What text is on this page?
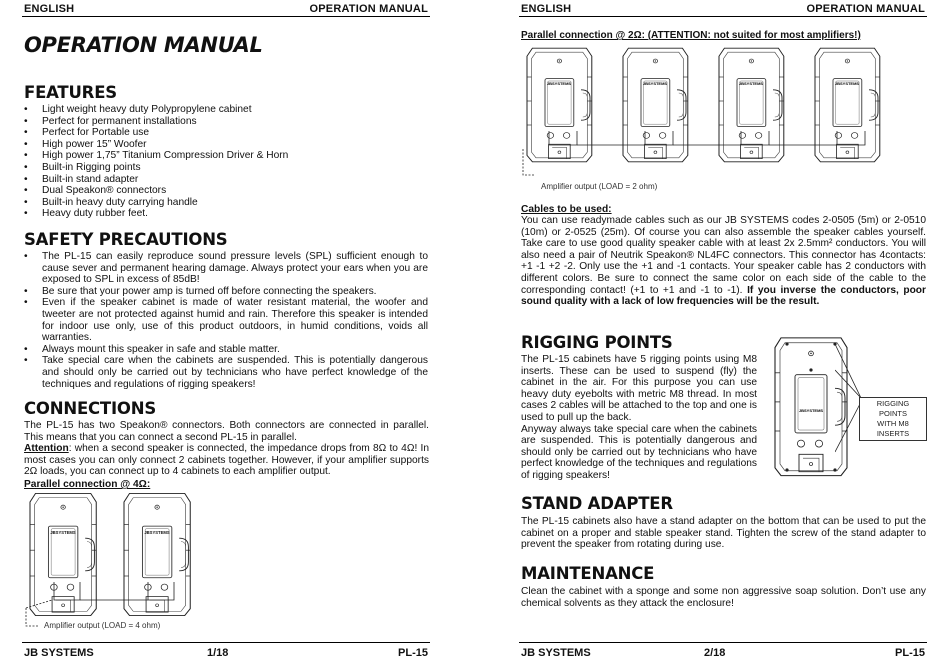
ENGLISH	OPERATION MANUAL
OPERATION MANUAL
FEATURES
• Light weight heavy duty Polypropylene cabinet
• Perfect for permanent installations
• Perfect for Portable use
• High power 15” Woofer
• High power 1,75” Titanium Compression Driver & Horn
• Built-in Rigging points
• Built-in stand adapter
• Dual Speakon® connectors
• Built-in heavy duty carrying handle
• Heavy duty rubber feet.
SAFETY PRECAUTIONS
• The PL-15 can easily reproduce sound pressure levels (SPL) sufficient enough to cause sever and permanent hearing damage. Always protect your ears when you are exposed to SPL in excess of 85dB!
• Be sure that your power amp is turned off before connecting the speakers.
• Even if the speaker cabinet is made of water resistant material, the woofer and tweeter are not protected against humid and rain. Therefore this speaker is intended for indoor use only, use of this product outdoors, in humid conditions, voids all warranties.
• Always mount this speaker in safe and stable matter.
• Take special care when the cabinets are suspended. This is potentially dangerous and should only be carried out by technicians who have perfect knowledge of the techniques and regulations of rigging speakers!
CONNECTIONS
The PL-15 has two Speakon® connectors. Both connectors are connected in parallel. This means that you can connect a second PL-15 in parallel.
Attention: when a second speaker is connected, the impedance drops from 8Ω to 4Ω! In most cases you can only connect 2 cabinets together. However, if your amplifier supports 2Ω loads, you can connect up to 4 cabinets to each amplifier output.
Parallel connection @ 4Ω:
JBSYSTEMS	JBSYSTEMS
Amplifier output (LOAD = 4 ohm)
JB SYSTEMS	1/18	PL-15
ENGLISH	OPERATION MANUAL
Parallel connection @ 2Ω: (ATTENTION: not suited for most amplifiers!)
JBSYSTEMS	JBSYSTEMS	JBSYSTEMS	JBSYSTEMS
Amplifier output (LOAD = 2 ohm)
Cables to be used:
You can use readymade cables such as our JB SYSTEMS codes 2-0505 (5m) or 2-0510 (10m) or 2-0525 (25m). Of course you can also assemble the speaker cables yourself. Take care to use good quality speaker cable with at least 2x 2.5mm² conductors. You will also need a pair of Neutrik Speakon® NL4FC connectors. This connector has 4contacts: +1 -1 +2 -2. Only use the +1 and -1 contacts. Your speaker cable has 2 conductors with different colors. Be sure to connect the same color on each side of the cable to the corresponding contact! (+1 to +1 and -1 to -1). If you inverse the conductors, poor sound quality with a lack of low frequencies will be the result.
RIGGING POINTS
The PL-15 cabinets have 5 rigging points using M8 inserts. These can be used to suspend (fly) the cabinet in the air. For this purpose you can use heavy duty eyebolts with metric M8 thread. In most cases 2 cables will be attached to the top and one is used to pull up the back.
Anyway always take special care when the cabinets are suspended. This is potentially dangerous and should only be carried out by technicians who have perfect knowledge of the techniques and regulations of rigging speakers!
JBSYSTEMS
RIGGING POINTS
WITH M8 INSERTS
STAND ADAPTER
The PL-15 cabinets also have a stand adapter on the bottom that can be used to put the cabinet on a proper and stable speaker stand. Tighten the screw of the stand adapter to prevent the speaker from rotating during use.
MAINTENANCE
Clean the cabinet with a sponge and some non aggressive soap solution. Don’t use any chemical solvents as they attack the enclosure!
JB SYSTEMS	2/18	PL-15
